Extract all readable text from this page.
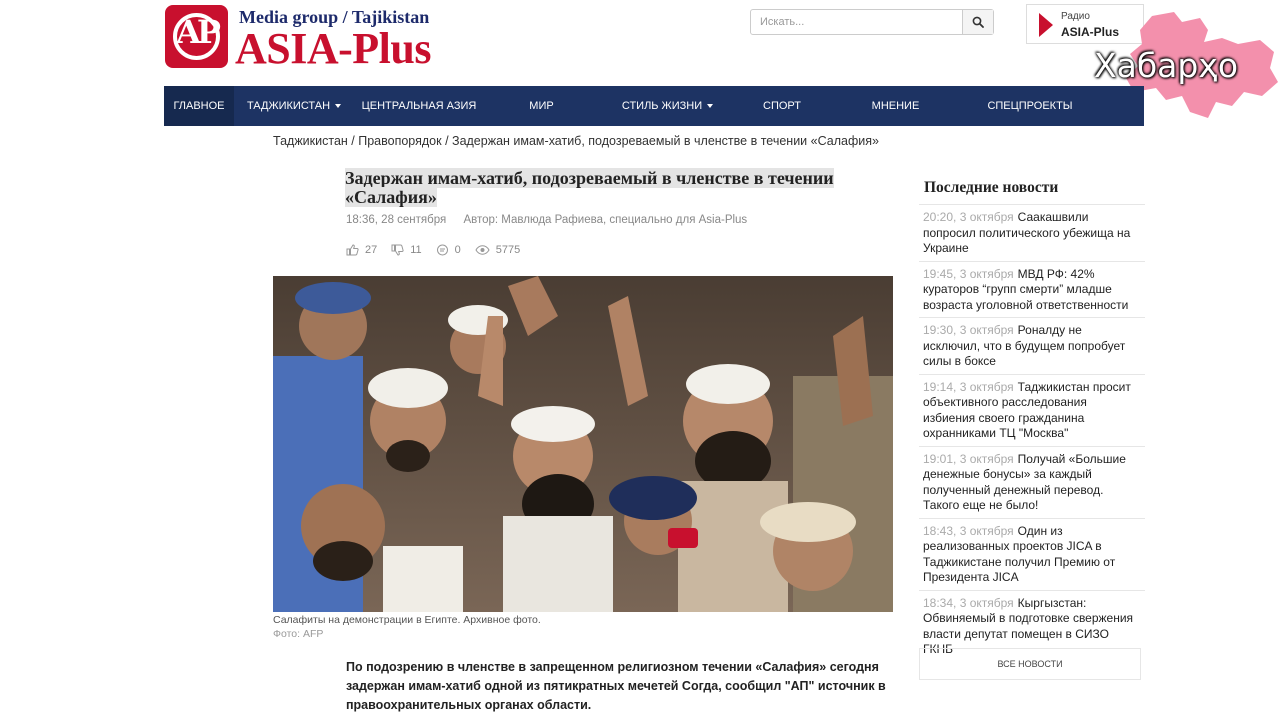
AP	Media group / Tajikistan
ASIA-Plus
Искать...
Радио
ASIA-Plus
Хабарҳо
ГЛАВНОЕ ТАДЖИКИСТАН	ЦЕНТРАЛЬНАЯ АЗИЯ	МИР	СТИЛЬ ЖИЗНИ	СПОРТ	МНЕНИЕ	СПЕЦПРОЕКТЫ
Таджикистан / Правопорядок / Задержан имам-хатиб, подозреваемый в членстве в течении «Салафия»
Задержан имам-хатиб, подозреваемый в членстве в течении «Салафия»
18:36, 28 сентября Автор: Мавлюда Рафиева, специально для Asia-Plus
27	11	0	5775
Салафиты на демонстрации в Египте. Архивное фото.
Фото: AFP

По подозрению в членстве в запрещенном религиозном течении «Салафия» сегодня задержан имам-хатиб одной из пятикратных мечетей Согда, сообщил "АП" источник в правоохранительных органах области.

Последние новости
20:20, 3 октября Саакашвили попросил политического убежища на Украине
19:45, 3 октября МВД РФ: 42% кураторов “групп смерти” младше возраста уголовной ответственности
19:30, 3 октября Роналду не исключил, что в будущем попробует силы в боксе
19:14, 3 октября Таджикистан просит объективного расследования избиения своего гражданина охранниками ТЦ "Москва"
19:01, 3 октября Получай «Большие денежные бонусы» за каждый полученный денежный перевод. Такого еще не было!
18:43, 3 октября Один из реализованных проектов JICA в Таджикистане получил Премию от Президента JICA
18:34, 3 октября Кыргызстан: Обвиняемый в подготовке свержения власти депутат помещен в СИЗО ГКНБ
ВСЕ НОВОСТИ
